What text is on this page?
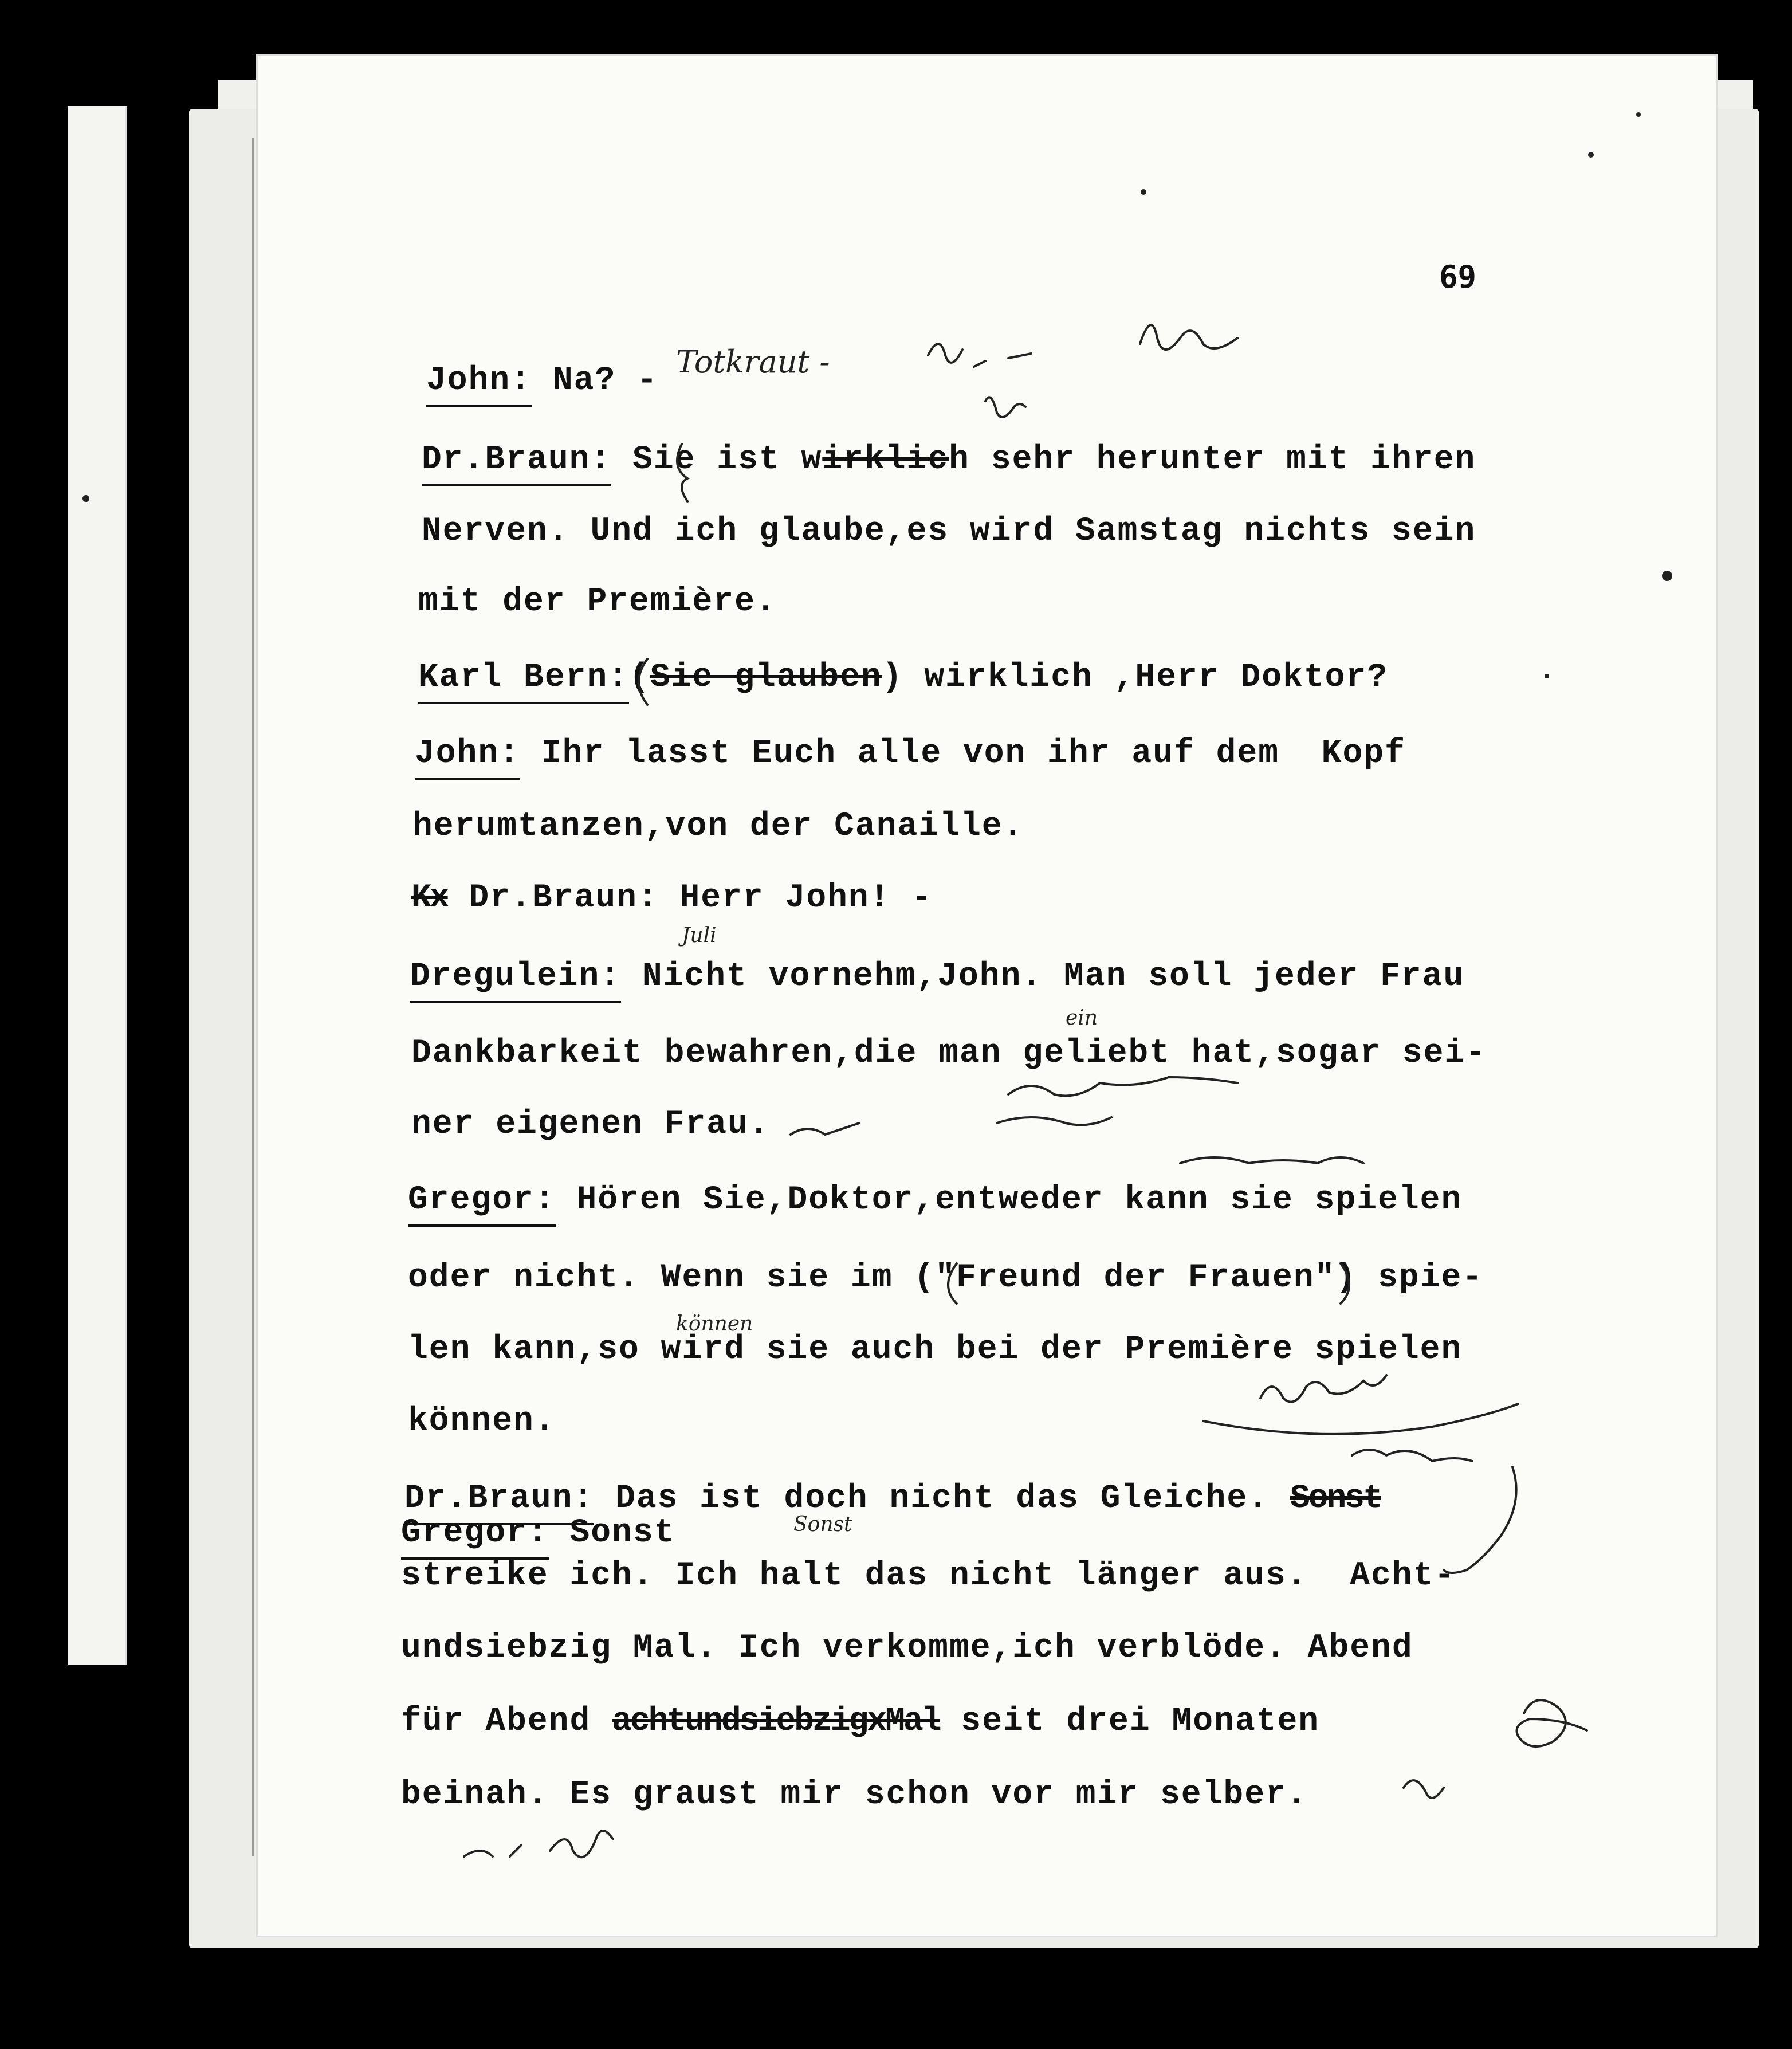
69
John: Na? -
Dr.Braun: Sie ist wirklich sehr herunter mit ihren
Nerven. Und ich glaube,es wird Samstag nichts sein
mit der Première.
Karl Bern:(Sie glauben) wirklich ,Herr Doktor?
John: Ihr lasst Euch alle von ihr auf dem  Kopf
herumtanzen,von der Canaille.
Kx Dr.Braun: Herr John! -
Dregulein: Nicht vornehm,John. Man soll jeder Frau
Dankbarkeit bewahren,die man geliebt hat,sogar sei-
ner eigenen Frau.
Gregor: Hören Sie,Doktor,entweder kann sie spielen
oder nicht. Wenn sie im ("Freund der Frauen") spie-
len kann,so wird sie auch bei der Première spielen
können.
Dr.Braun: Das ist doch nicht das Gleiche. Sonst
Gregor: Sonst
streike ich. Ich halt das nicht länger aus.  Acht-
undsiebzig Mal. Ich verkomme,ich verblöde. Abend
für Abend achtundsiebzigxMal seit drei Monaten
beinah. Es graust mir schon vor mir selber.
Totkraut -
Juli
ein
können
Sonst
